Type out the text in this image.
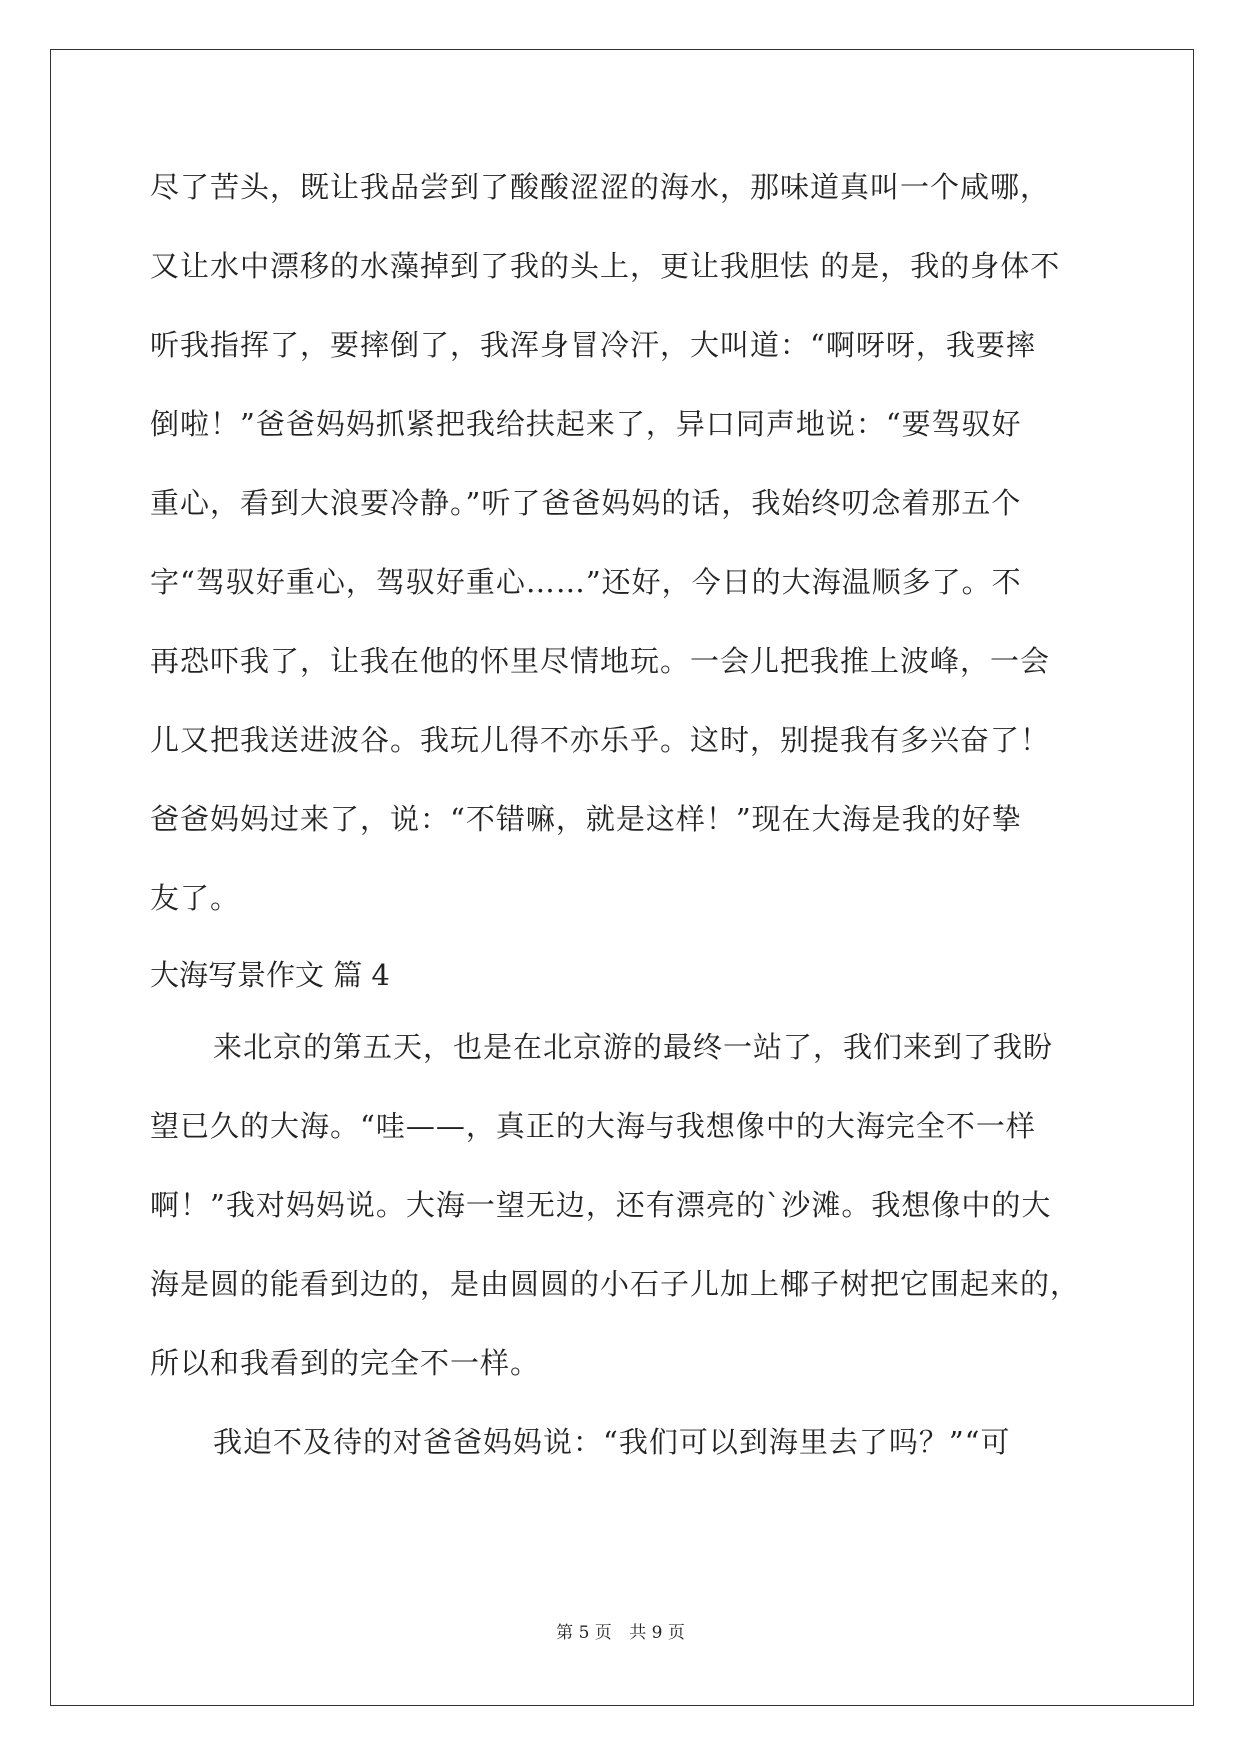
尽了苦头，既让我品尝到了酸酸涩涩的海水，那味道真叫一个咸哪，
又让水中漂移的水藻掉到了我的头上，更让我胆怯 的是，我的身体不
听我指挥了，要摔倒了，我浑身冒冷汗，大叫道：“啊呀呀，我要摔
倒啦！”爸爸妈妈抓紧把我给扶起来了，异口同声地说：“要驾驭好
重心，看到大浪要冷静。”听了爸爸妈妈的话，我始终叨念着那五个
字“驾驭好重心，驾驭好重心……”还好，今日的大海温顺多了。不
再恐吓我了，让我在他的怀里尽情地玩。一会儿把我推上波峰，一会
儿又把我送进波谷。我玩儿得不亦乐乎。这时，别提我有多兴奋了！
爸爸妈妈过来了，说：“不错嘛，就是这样！”现在大海是我的好挚
友了。
大海写景作文 篇 4
来北京的第五天，也是在北京游的最终一站了，我们来到了我盼
望已久的大海。“哇——，真正的大海与我想像中的大海完全不一样
啊！”我对妈妈说。大海一望无边，还有漂亮的`沙滩。我想像中的大
海是圆的能看到边的，是由圆圆的小石子儿加上椰子树把它围起来的，
所以和我看到的完全不一样。
我迫不及待的对爸爸妈妈说：“我们可以到海里去了吗？”“可
第 5 页 共 9 页
